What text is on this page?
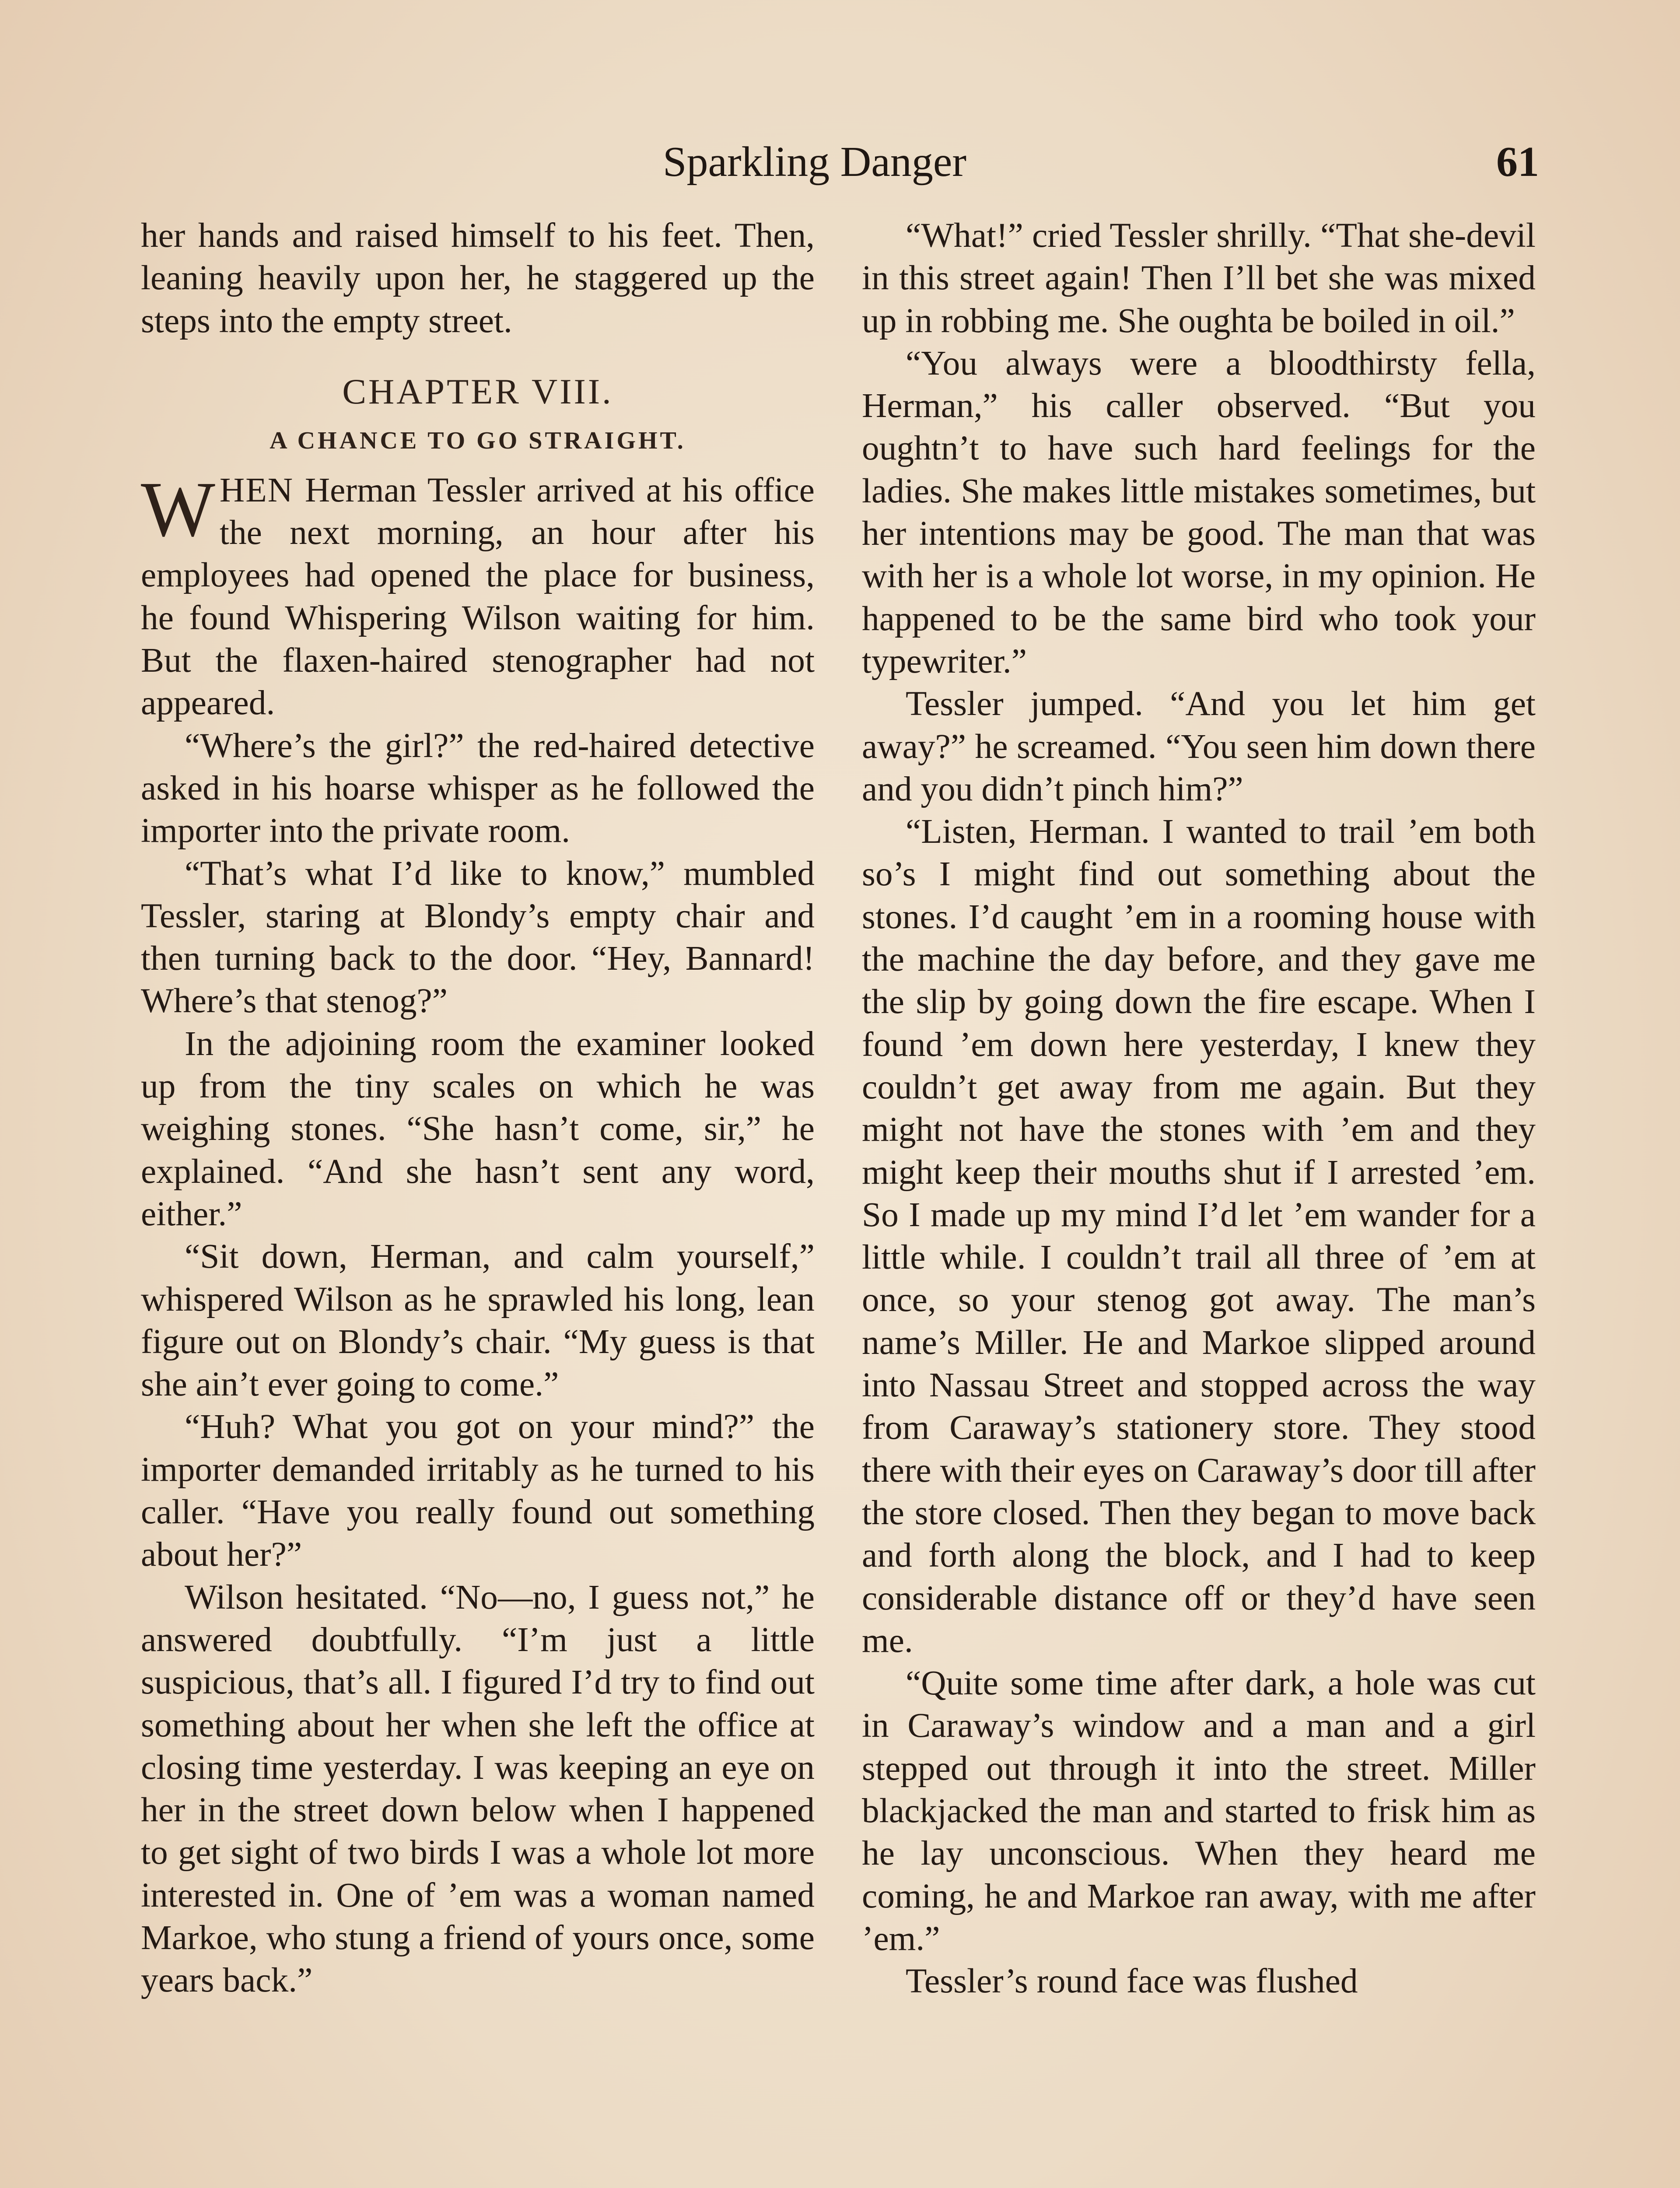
Sparkling Danger	61

her hands and raised himself to his feet. Then, leaning heavily upon her, he staggered up the steps into the empty street.

CHAPTER VIII.
A CHANCE TO GO STRAIGHT.

WHEN Herman Tessler arrived at his office the next morning, an hour after his employees had opened the place for business, he found Whispering Wilson waiting for him. But the flaxen-haired stenographer had not appeared.

“Where’s the girl?” the red-haired detective asked in his hoarse whisper as he followed the importer into the private room.

“That’s what I’d like to know,” mumbled Tessler, staring at Blondy’s empty chair and then turning back to the door. “Hey, Bannard! Where’s that stenog?”

In the adjoining room the examiner looked up from the tiny scales on which he was weighing stones. “She hasn’t come, sir,” he explained. “And she hasn’t sent any word, either.”

“Sit down, Herman, and calm yourself,” whispered Wilson as he sprawled his long, lean figure out on Blondy’s chair. “My guess is that she ain’t ever going to come.”

“Huh? What you got on your mind?” the importer demanded irritably as he turned to his caller. “Have you really found out something about her?”

Wilson hesitated. “No—no, I guess not,” he answered doubtfully. “I’m just a little suspicious, that’s all. I figured I’d try to find out something about her when she left the office at closing time yesterday. I was keeping an eye on her in the street down below when I happened to get sight of two birds I was a whole lot more interested in. One of ’em was a woman named Markoe, who stung a friend of yours once, some years back.”

“What!” cried Tessler shrilly. “That she-devil in this street again! Then I’ll bet she was mixed up in robbing me. She oughta be boiled in oil.”

“You always were a bloodthirsty fella, Herman,” his caller observed. “But you oughtn’t to have such hard feelings for the ladies. She makes little mistakes sometimes, but her intentions may be good. The man that was with her is a whole lot worse, in my opinion. He happened to be the same bird who took your typewriter.”

Tessler jumped. “And you let him get away?” he screamed. “You seen him down there and you didn’t pinch him?”

“Listen, Herman. I wanted to trail ’em both so’s I might find out something about the stones. I’d caught ’em in a rooming house with the machine the day before, and they gave me the slip by going down the fire escape. When I found ’em down here yesterday, I knew they couldn’t get away from me again. But they might not have the stones with ’em and they might keep their mouths shut if I arrested ’em. So I made up my mind I’d let ’em wander for a little while. I couldn’t trail all three of ’em at once, so your stenog got away. The man’s name’s Miller. He and Markoe slipped around into Nassau Street and stopped across the way from Caraway’s stationery store. They stood there with their eyes on Caraway’s door till after the store closed. Then they began to move back and forth along the block, and I had to keep considerable distance off or they’d have seen me.

“Quite some time after dark, a hole was cut in Caraway’s window and a man and a girl stepped out through it into the street. Miller blackjacked the man and started to frisk him as he lay unconscious. When they heard me coming, he and Markoe ran away, with me after ’em.”

Tessler’s round face was flushed
